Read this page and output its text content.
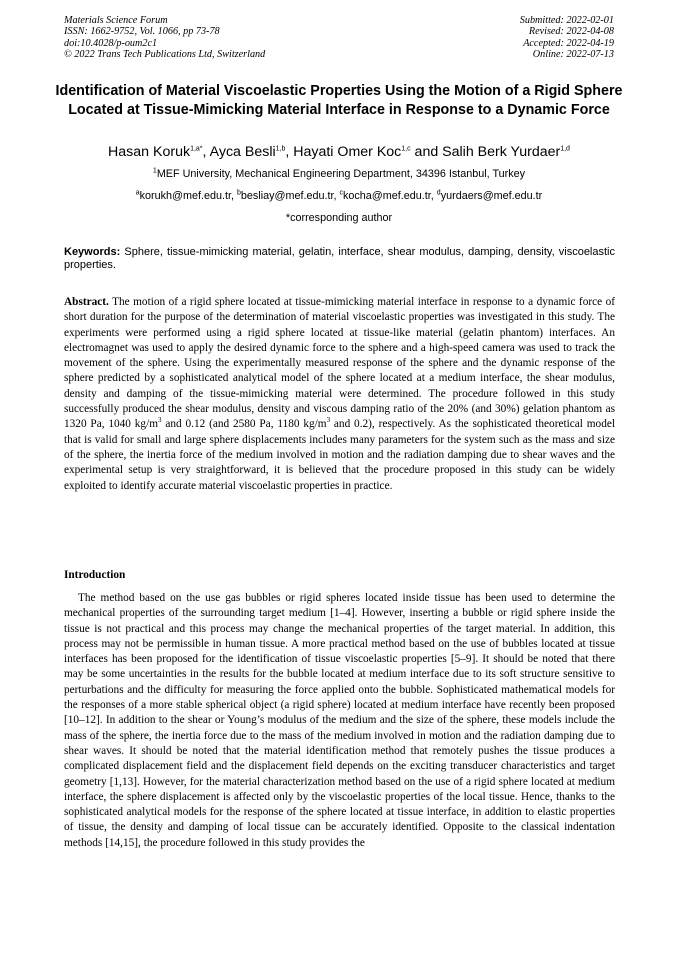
Materials Science Forum
ISSN: 1662-9752, Vol. 1066, pp 73-78
doi:10.4028/p-oum2c1
© 2022 Trans Tech Publications Ltd, Switzerland
Submitted: 2022-02-01
Revised: 2022-04-08
Accepted: 2022-04-19
Online: 2022-07-13
Identification of Material Viscoelastic Properties Using the Motion of a Rigid Sphere Located at Tissue-Mimicking Material Interface in Response to a Dynamic Force
Hasan Koruk$^{1,a*}$, Ayca Besli$^{1,b}$, Hayati Omer Koc$^{1,c}$ and Salih Berk Yurdaer$^{1,d}$
$^1$MEF University, Mechanical Engineering Department, 34396 Istanbul, Turkey
$^a$korukh@mef.edu.tr, $^b$besliay@mef.edu.tr, $^c$kocha@mef.edu.tr, $^d$yurdaers@mef.edu.tr
*corresponding author
Keywords: Sphere, tissue-mimicking material, gelatin, interface, shear modulus, damping, density, viscoelastic properties.
Abstract. The motion of a rigid sphere located at tissue-mimicking material interface in response to a dynamic force of short duration for the purpose of the determination of material viscoelastic properties was investigated in this study. The experiments were performed using a rigid sphere located at tissue-like material (gelatin phantom) interfaces. An electromagnet was used to apply the desired dynamic force to the sphere and a high-speed camera was used to track the movement of the sphere. Using the experimentally measured response of the sphere and the dynamic response of the sphere predicted by a sophisticated analytical model of the sphere located at a medium interface, the shear modulus, density and damping of the tissue-mimicking material were determined. The procedure followed in this study successfully produced the shear modulus, density and viscous damping ratio of the 20% (and 30%) gelation phantom as 1320 Pa, 1040 $kg/m^3$ and 0.12 (and 2580 Pa, 1180 $kg/m^3$ and 0.2), respectively. As the sophisticated theoretical model that is valid for small and large sphere displacements includes many parameters for the system such as the mass and size of the sphere, the inertia force of the medium involved in motion and the radiation damping due to shear waves and the experimental setup is very straightforward, it is believed that the procedure proposed in this study can be widely exploited to identify accurate material viscoelastic properties in practice.
Introduction

The method based on the use gas bubbles or rigid spheres located inside tissue has been used to determine the mechanical properties of the surrounding target medium [1–4]. However, inserting a bubble or rigid sphere inside the tissue is not practical and this process may change the mechanical properties of the target material. In addition, this process may not be permissible in human tissue. A more practical method based on the use of bubbles located at tissue interfaces has been proposed for the identification of tissue viscoelastic properties [5–9]. It should be noted that there may be some uncertainties in the results for the bubble located at medium interface due to its soft structure sensitive to perturbations and the difficulty for measuring the force applied onto the bubble. Sophisticated mathematical models for the responses of a more stable spherical object (a rigid sphere) located at medium interface have recently been proposed [10–12]. In addition to the shear or Young’s modulus of the medium and the size of the sphere, these models include the mass of the sphere, the inertia force due to the mass of the medium involved in motion and the radiation damping due to shear waves. It should be noted that the material identification method that remotely pushes the tissue produces a complicated displacement field and the displacement field depends on the exciting transducer characteristics and target geometry [1,13]. However, for the material characterization method based on the use of a rigid sphere located at medium interface, the sphere displacement is affected only by the viscoelastic properties of the local tissue. Hence, thanks to the sophisticated analytical models for the response of the sphere located at tissue interface, in addition to elastic properties of tissue, the density and damping of local tissue can be accurately identified. Opposite to the classical indentation methods [14,15], the procedure followed in this study provides the
